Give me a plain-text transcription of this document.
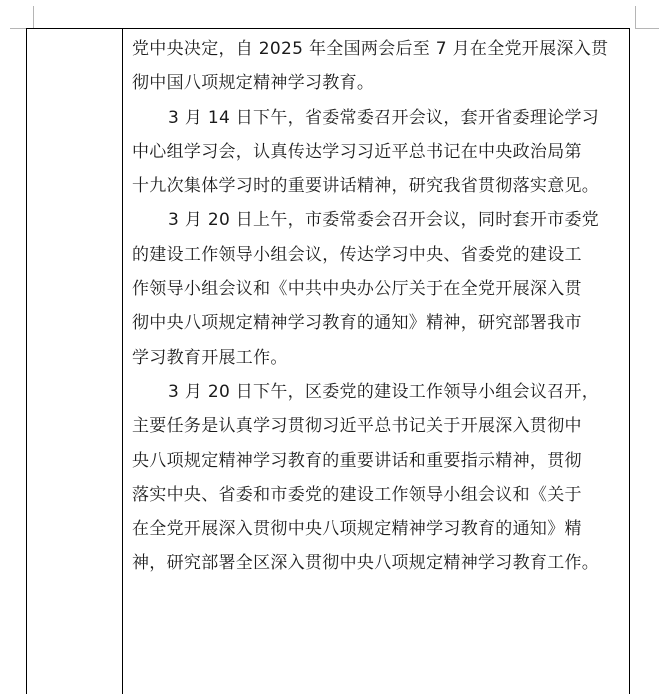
党中央决定，自 2025 年全国两会后至 7 月在全党开展深入贯
彻中国八项规定精神学习教育。

3 月 14 日下午，省委常委召开会议，套开省委理论学习
中心组学习会，认真传达学习习近平总书记在中央政治局第
十九次集体学习时的重要讲话精神，研究我省贯彻落实意见。

3 月 20 日上午，市委常委会召开会议，同时套开市委党
的建设工作领导小组会议，传达学习中央、省委党的建设工
作领导小组会议和《中共中央办公厅关于在全党开展深入贯
彻中央八项规定精神学习教育的通知》精神，研究部署我市
学习教育开展工作。

3 月 20 日下午，区委党的建设工作领导小组会议召开，
主要任务是认真学习贯彻习近平总书记关于开展深入贯彻中
央八项规定精神学习教育的重要讲话和重要指示精神，贯彻
落实中央、省委和市委党的建设工作领导小组会议和《关于
在全党开展深入贯彻中央八项规定精神学习教育的通知》精
神，研究部署全区深入贯彻中央八项规定精神学习教育工作。
